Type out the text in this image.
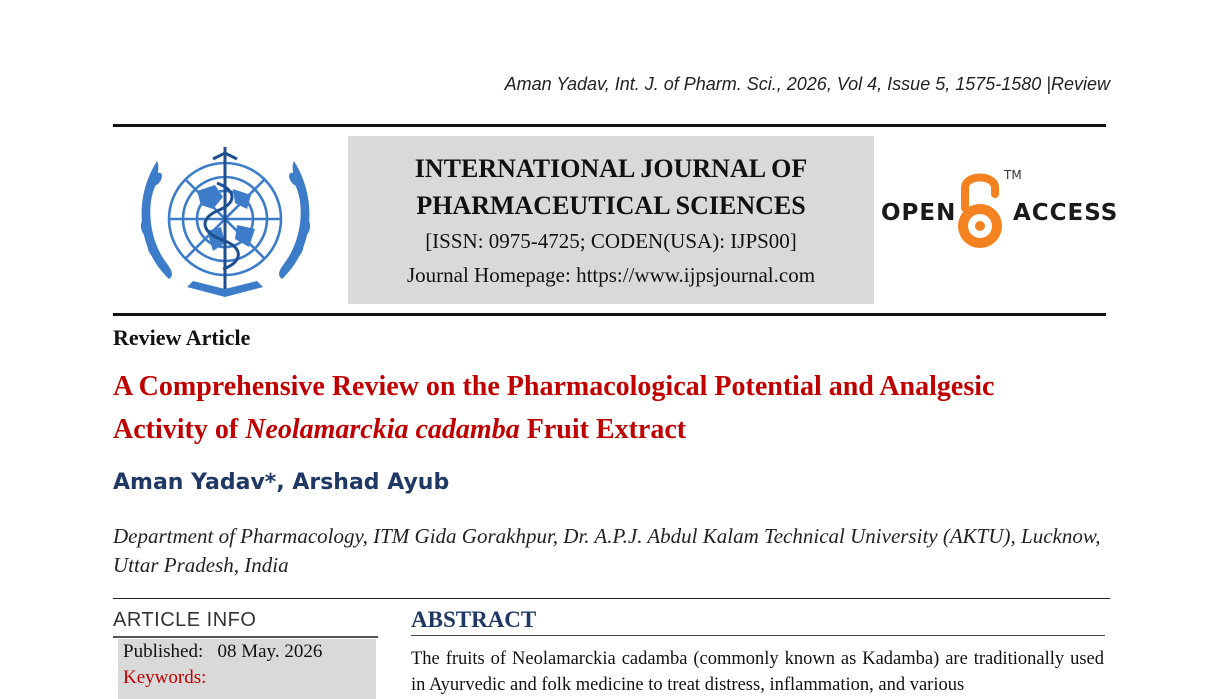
Aman Yadav, Int. J. of Pharm. Sci., 2026, Vol 4, Issue 5, 1575-1580 |Review
INTERNATIONAL JOURNAL OF
PHARMACEUTICAL SCIENCES
[ISSN: 0975-4725; CODEN(USA): IJPS00]
Journal Homepage: https://www.ijpsjournal.com
OPEN
TM
ACCESS
Review Article
A Comprehensive Review on the Pharmacological Potential and Analgesic Activity of Neolamarckia cadamba Fruit Extract
Aman Yadav*, Arshad Ayub
Department of Pharmacology, ITM Gida Gorakhpur, Dr. A.P.J. Abdul Kalam Technical University (AKTU), Lucknow, Uttar Pradesh, India
ARTICLE INFO
Published:   08 May. 2026
Keywords:
ABSTRACT
The fruits of Neolamarckia cadamba (commonly known as Kadamba) are traditionally used in Ayurvedic and folk medicine to treat distress, inflammation, and various
